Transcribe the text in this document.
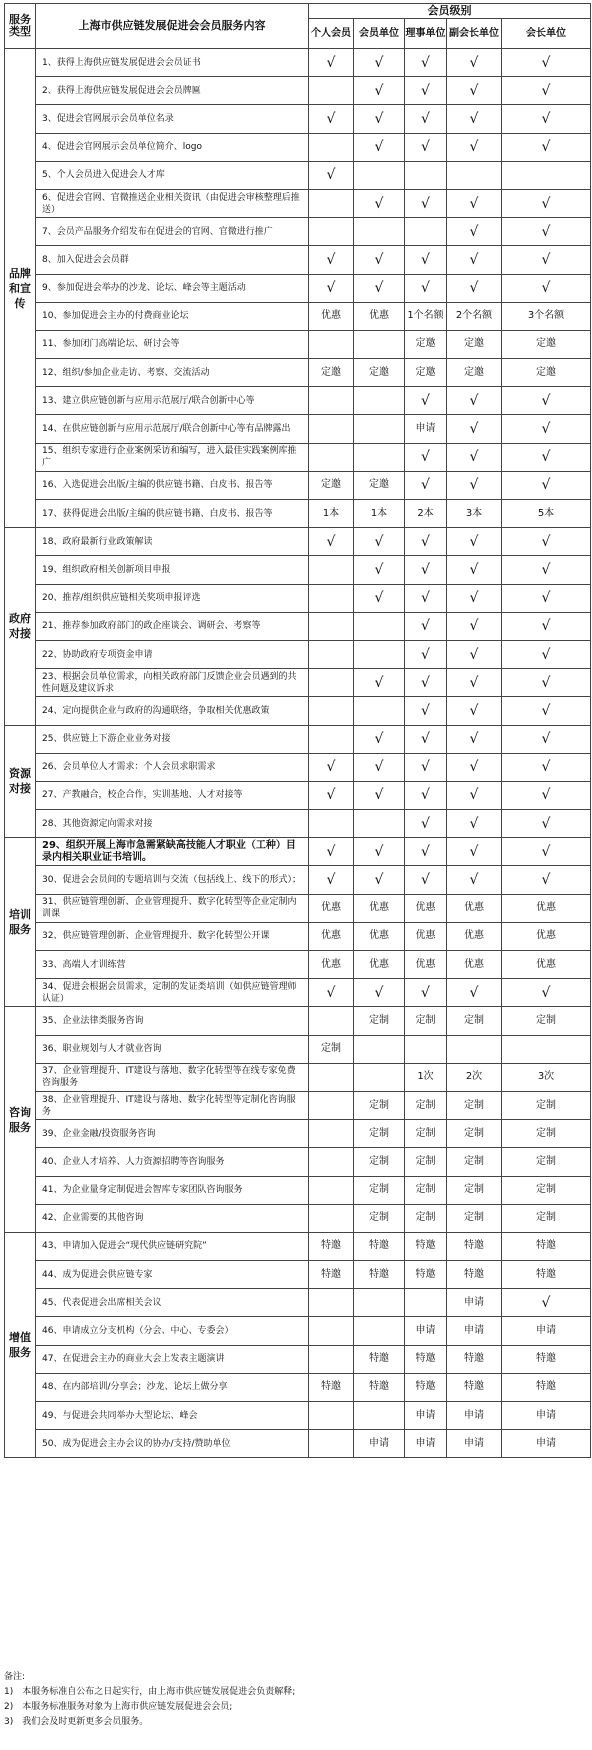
服务类型	上海市供应链发展促进会会员服务内容	会员级别				
		个人会员	会员单位	理事单位	副会长单位	会长单位
品牌和宣传	1、获得上海供应链发展促进会会员证书	√	√	√	√	√
	2、获得上海供应链发展促进会会员牌匾		√	√	√	√
	3、促进会官网展示会员单位名录	√	√	√	√	√
	4、促进会官网展示会员单位简介、logo		√	√	√	√
	5、个人会员进入促进会人才库	√				
	6、促进会官网、官微推送企业相关资讯（由促进会审核整理后推送）		√	√	√	√
	7、会员产品服务介绍发布在促进会的官网、官微进行推广				√	√
	8、加入促进会会员群	√	√	√	√	√
	9、参加促进会举办的沙龙、论坛、峰会等主题活动	√	√	√	√	√
	10、参加促进会主办的付费商业论坛	优惠	优惠	1个名额	2个名额	3个名额
	11、参加闭门高端论坛、研讨会等			定邀	定邀	定邀
	12、组织/参加企业走访、考察、交流活动	定邀	定邀	定邀	定邀	定邀
	13、建立供应链创新与应用示范展厅/联合创新中心等			√	√	√
	14、在供应链创新与应用示范展厅/联合创新中心等有品牌露出			申请	√	√
	15、组织专家进行企业案例采访和编写，进入最佳实践案例库推广			√	√	√
	16、入选促进会出版/主编的供应链书籍、白皮书、报告等	定邀	定邀	√	√	√
	17、获得促进会出版/主编的供应链书籍、白皮书、报告等	1本	1本	2本	3本	5本
政府对接	18、政府最新行业政策解读	√	√	√	√	√
	19、组织政府相关创新项目申报		√	√	√	√
	20、推荐/组织供应链相关奖项申报评选		√	√	√	√
	21、推荐参加政府部门的政企座谈会、调研会、考察等			√	√	√
	22、协助政府专项资金申请			√	√	√
	23、根据会员单位需求，向相关政府部门反馈企业会员遇到的共性问题及建议诉求		√	√	√	√
	24、定向提供企业与政府的沟通联络，争取相关优惠政策			√	√	√
资源对接	25、供应链上下游企业业务对接		√	√	√	√
	26、会员单位人才需求：个人会员求职需求	√	√	√	√	√
	27、产教融合，校企合作，实训基地、人才对接等	√	√	√	√	√
	28、其他资源定向需求对接			√	√	√
培训服务	29、组织开展上海市急需紧缺高技能人才职业（工种）目录内相关职业证书培训。	√	√	√	√	√
	30、促进会会员间的专题培训与交流（包括线上、线下的形式）；	√	√	√	√	√
	31、供应链管理创新、企业管理提升、数字化转型等企业定制内训课	优惠	优惠	优惠	优惠	优惠
	32、供应链管理创新、企业管理提升、数字化转型公开课	优惠	优惠	优惠	优惠	优惠
	33、高端人才训练营	优惠	优惠	优惠	优惠	优惠
	34、促进会根据会员需求，定制的发证类培训（如供应链管理师认证）	√	√	√	√	√
咨询服务	35、企业法律类服务咨询		定制	定制	定制	定制
	36、职业规划与人才就业咨询	定制				
	37、企业管理提升、IT建设与落地、数字化转型等在线专家免费咨询服务			1次	2次	3次
	38、企业管理提升、IT建设与落地、数字化转型等定制化咨询服务		定制	定制	定制	定制
	39、企业金融/投资服务咨询		定制	定制	定制	定制
	40、企业人才培养、人力资源招聘等咨询服务		定制	定制	定制	定制
	41、为企业量身定制促进会智库专家团队咨询服务		定制	定制	定制	定制
	42、企业需要的其他咨询		定制	定制	定制	定制
增值服务	43、申请加入促进会“现代供应链研究院”	特邀	特邀	特邀	特邀	特邀
	44、成为促进会供应链专家	特邀	特邀	特邀	特邀	特邀
	45、代表促进会出席相关会议				申请	√
	46、申请成立分支机构（分会、中心、专委会）			申请	申请	申请
	47、在促进会主办的商业大会上发表主题演讲		特邀	特邀	特邀	特邀
	48、在内部培训/分享会；沙龙、论坛上做分享	特邀	特邀	特邀	特邀	特邀
	49、与促进会共同举办大型论坛、峰会			申请	申请	申请
	50、成为促进会主办会议的协办/支持/赞助单位		申请	申请	申请	申请
备注:
1)　本服务标准自公布之日起实行，由上海市供应链发展促进会负责解释;
2)　本服务标准服务对象为上海市供应链发展促进会会员;
3)　我们会及时更新更多会员服务。
